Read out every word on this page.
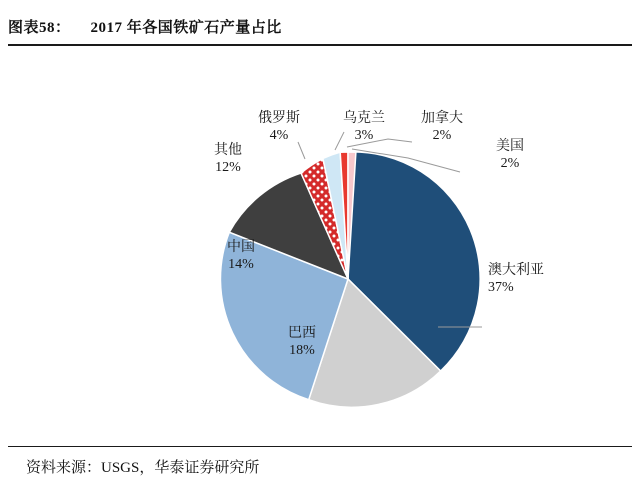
图表58： 2017 年各国铁矿石产量占比
其他
12%
俄罗斯
4%
乌克兰
3%
加拿大
2%
美国
2%
澳大利亚
37%
巴西
18%
中国
14%
资料来源：USGS，华泰证券研究所
